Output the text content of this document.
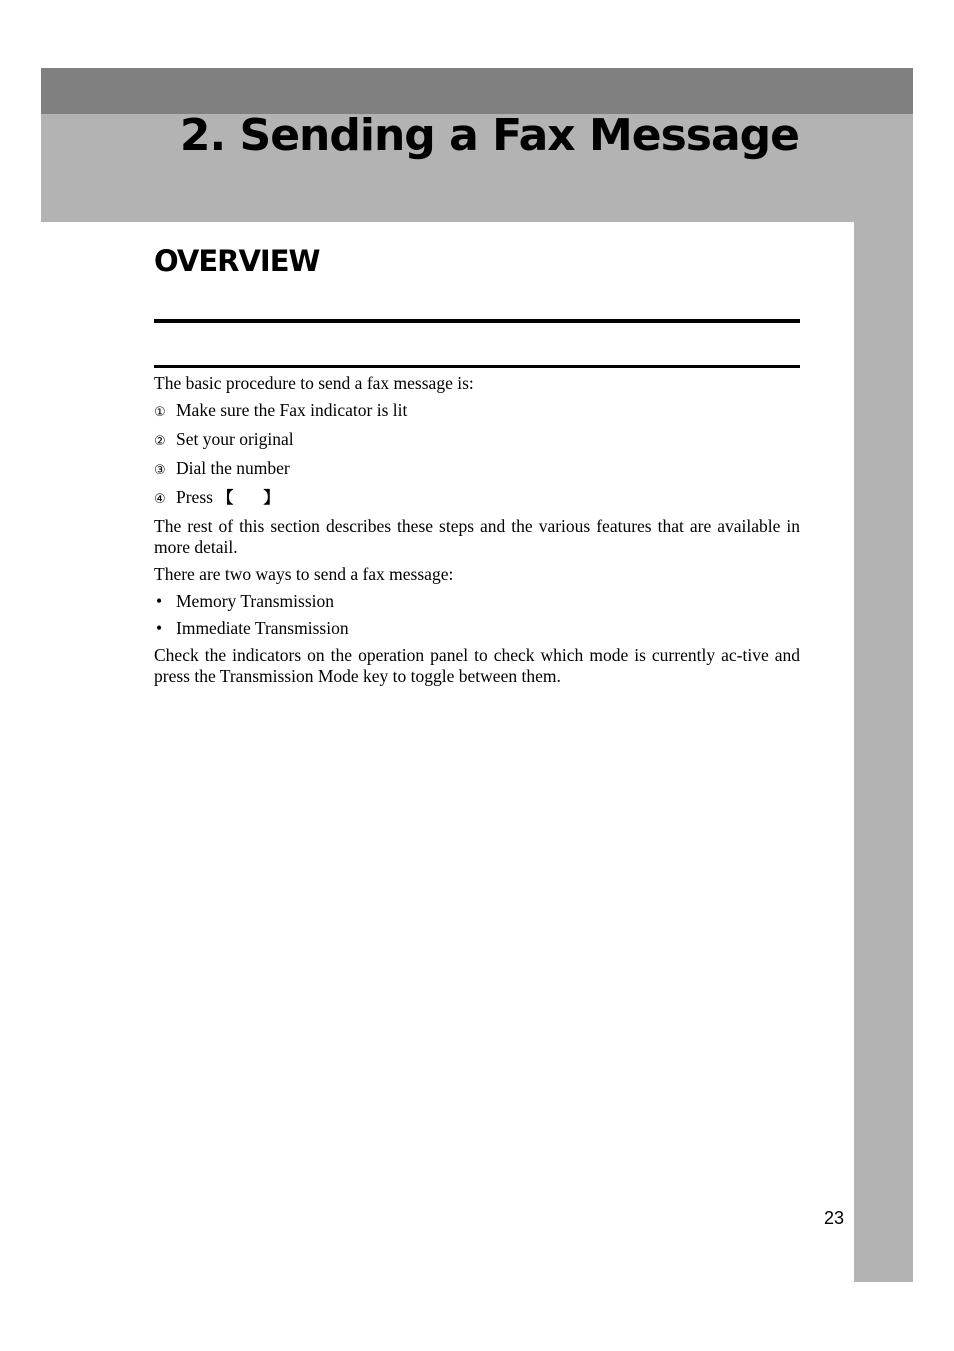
2. Sending a Fax Message
OVERVIEW

The basic procedure to send a fax message is:

① Make sure the Fax indicator is lit
② Set your original
③ Dial the number
④ Press 【 】

The rest of this section describes these steps and the various features that are available in more detail.

There are two ways to send a fax message:

• Memory Transmission
• Immediate Transmission

Check the indicators on the operation panel to check which mode is currently ac-tive and press the Transmission Mode key to toggle between them.

23
